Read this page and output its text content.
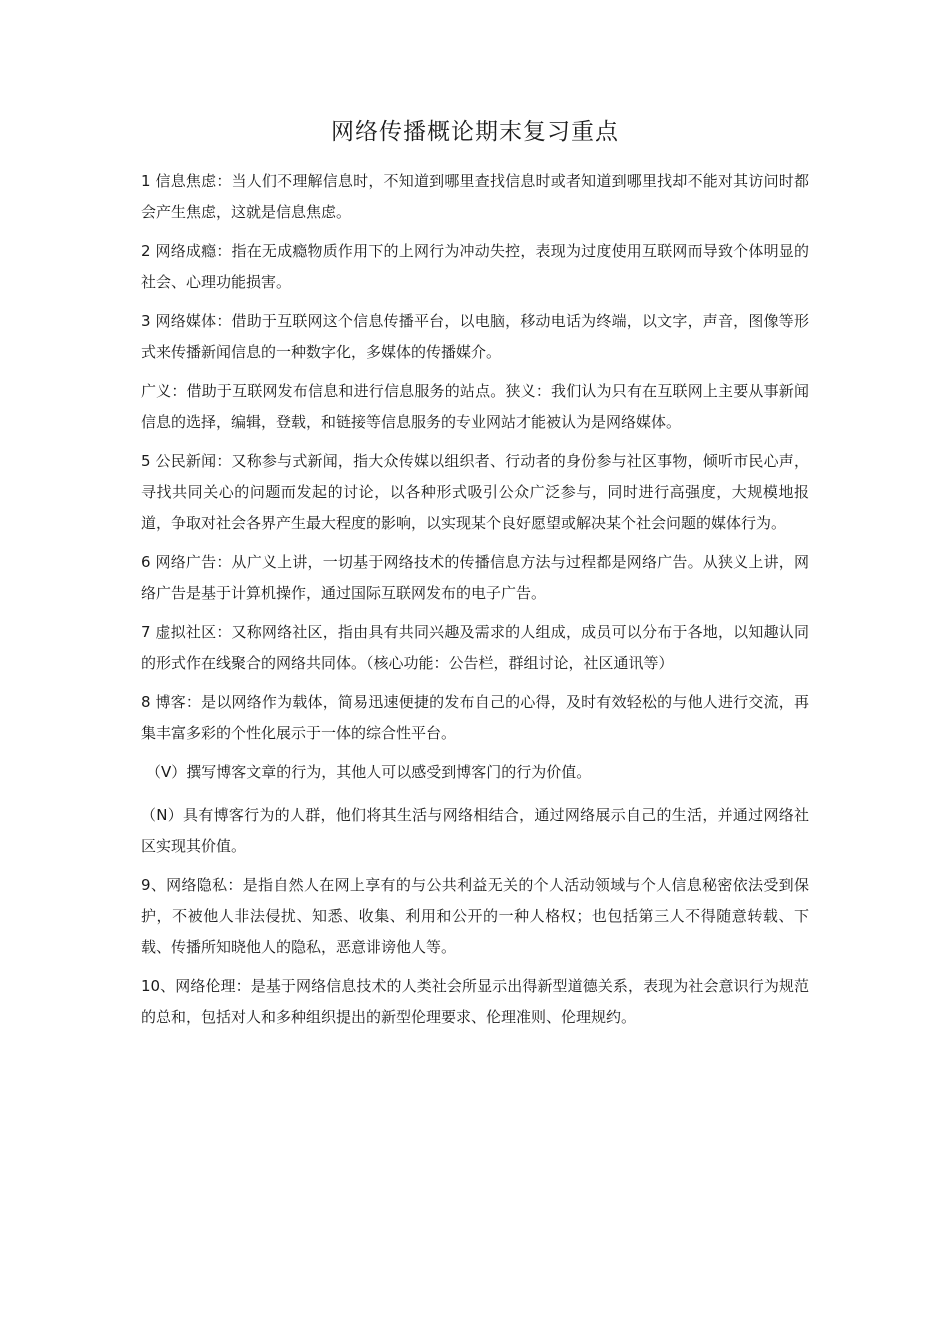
网络传播概论期末复习重点

1 信息焦虑：当人们不理解信息时，不知道到哪里查找信息时或者知道到哪里找却不能对其访问时都会产生焦虑，这就是信息焦虑。

2 网络成瘾：指在无成瘾物质作用下的上网行为冲动失控，表现为过度使用互联网而导致个体明显的社会、心理功能损害。

3 网络媒体：借助于互联网这个信息传播平台，以电脑，移动电话为终端，以文字，声音，图像等形式来传播新闻信息的一种数字化，多媒体的传播媒介。

广义：借助于互联网发布信息和进行信息服务的站点。狭义：我们认为只有在互联网上主要从事新闻信息的选择，编辑，登载，和链接等信息服务的专业网站才能被认为是网络媒体。

5 公民新闻：又称参与式新闻，指大众传媒以组织者、行动者的身份参与社区事物，倾听市民心声，寻找共同关心的问题而发起的讨论，以各种形式吸引公众广泛参与，同时进行高强度，大规模地报道，争取对社会各界产生最大程度的影响，以实现某个良好愿望或解决某个社会问题的媒体行为。

6 网络广告：从广义上讲，一切基于网络技术的传播信息方法与过程都是网络广告。从狭义上讲，网络广告是基于计算机操作，通过国际互联网发布的电子广告。

7 虚拟社区：又称网络社区，指由具有共同兴趣及需求的人组成，成员可以分布于各地，以知趣认同的形式作在线聚合的网络共同体。（核心功能：公告栏，群组讨论，社区通讯等）

8 博客：是以网络作为载体，简易迅速便捷的发布自己的心得，及时有效轻松的与他人进行交流，再集丰富多彩的个性化展示于一体的综合性平台。

（V）撰写博客文章的行为，其他人可以感受到博客门的行为价值。

（N）具有博客行为的人群，他们将其生活与网络相结合，通过网络展示自己的生活，并通过网络社区实现其价值。

9、网络隐私：是指自然人在网上享有的与公共利益无关的个人活动领域与个人信息秘密依法受到保护，不被他人非法侵扰、知悉、收集、利用和公开的一种人格权；也包括第三人不得随意转载、下载、传播所知晓他人的隐私，恶意诽谤他人等。

10、网络伦理：是基于网络信息技术的人类社会所显示出得新型道德关系，表现为社会意识行为规范的总和，包括对人和多种组织提出的新型伦理要求、伦理准则、伦理规约。
